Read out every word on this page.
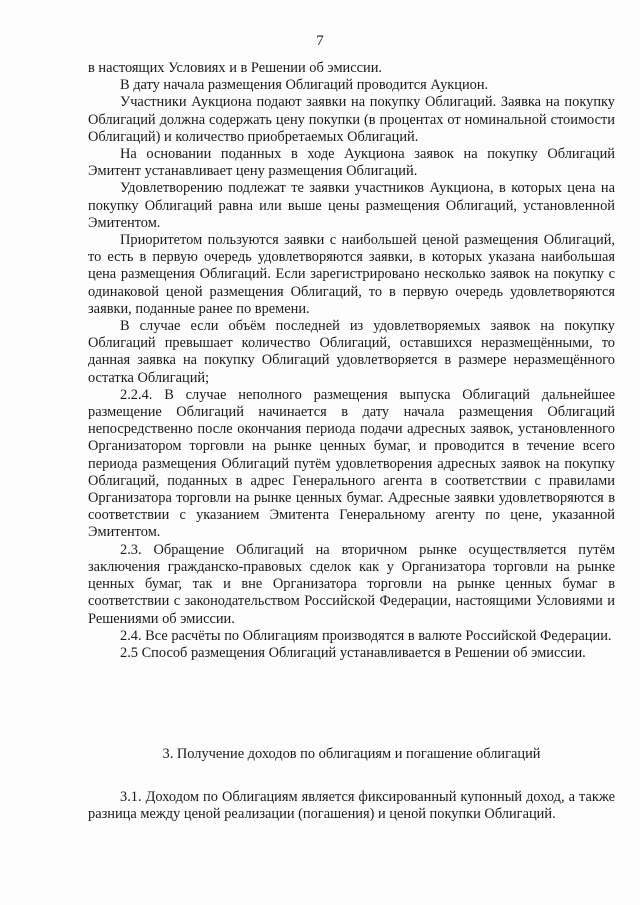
7

в настоящих Условиях и в Решении об эмиссии.

В дату начала размещения Облигаций проводится Аукцион.

Участники Аукциона подают заявки на покупку Облигаций. Заявка на покупку Облигаций должна содержать цену покупки (в процентах от номинальной стоимости Облигаций) и количество приобретаемых Облигаций.

На основании поданных в ходе Аукциона заявок на покупку Облигаций Эмитент устанавливает цену размещения Облигаций.

Удовлетворению подлежат те заявки участников Аукциона, в которых цена на покупку Облигаций равна или выше цены размещения Облигаций, установленной Эмитентом.

Приоритетом пользуются заявки с наибольшей ценой размещения Облигаций, то есть в первую очередь удовлетворяются заявки, в которых указана наибольшая цена размещения Облигаций. Если зарегистрировано несколько заявок на покупку с одинаковой ценой размещения Облигаций, то в первую очередь удовлетворяются заявки, поданные ранее по времени.

В случае если объём последней из удовлетворяемых заявок на покупку Облигаций превышает количество Облигаций, оставшихся неразмещёнными, то данная заявка на покупку Облигаций удовлетворяется в размере неразмещённого остатка Облигаций;

2.2.4. В случае неполного размещения выпуска Облигаций дальнейшее размещение Облигаций начинается в дату начала размещения Облигаций непосредственно после окончания периода подачи адресных заявок, установленного Организатором торговли на рынке ценных бумаг, и проводится в течение всего периода размещения Облигаций путём удовлетворения адресных заявок на покупку Облигаций, поданных в адрес Генерального агента в соответствии с правилами Организатора торговли на рынке ценных бумаг. Адресные заявки удовлетворяются в соответствии с указанием Эмитента Генеральному агенту по цене, указанной Эмитентом.

2.3. Обращение Облигаций на вторичном рынке осуществляется путём заключения гражданско-правовых сделок как у Организатора торговли на рынке ценных бумаг, так и вне Организатора торговли на рынке ценных бумаг в соответствии с законодательством Российской Федерации, настоящими Условиями и Решениями об эмиссии.

2.4. Все расчёты по Облигациям производятся в валюте Российской Федерации.

2.5 Способ размещения Облигаций устанавливается в Решении об эмиссии.

3. Получение доходов по облигациям и погашение облигаций

3.1. Доходом по Облигациям является фиксированный купонный доход, а также разница между ценой реализации (погашения) и ценой покупки Облигаций.
